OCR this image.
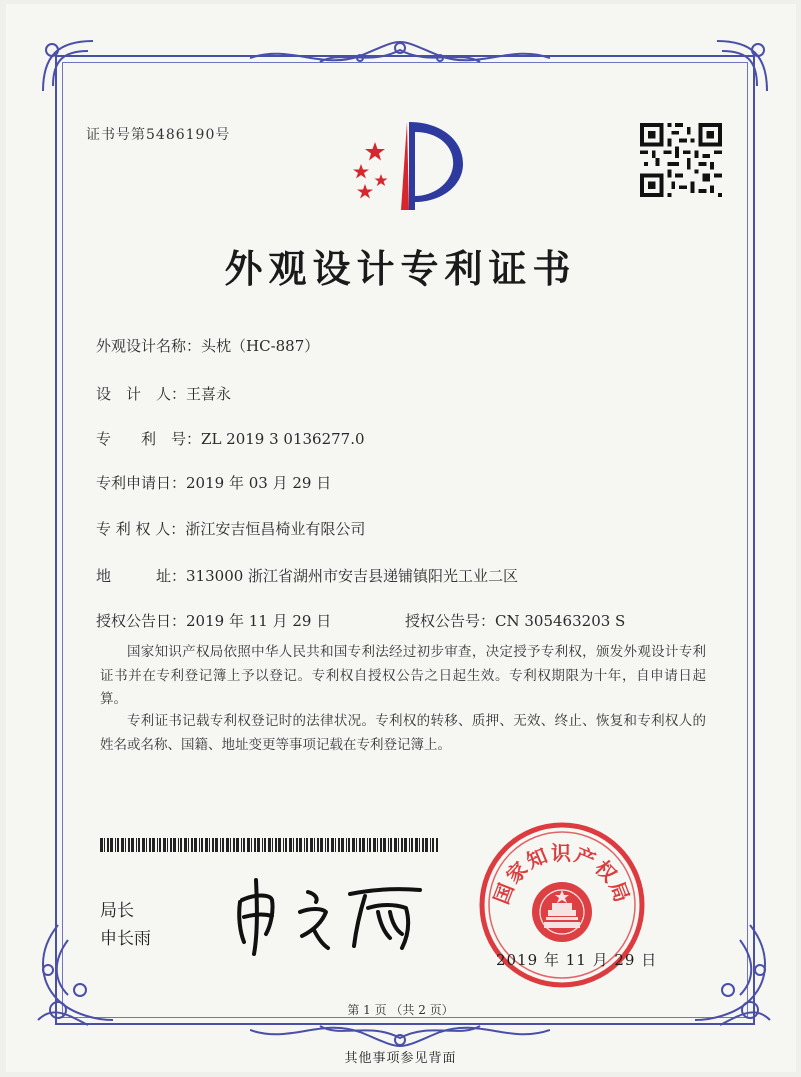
证书号第5486190号
外观设计专利证书
外观设计名称：头枕（HC-887）
设　计　人：王喜永
专　　利　号：ZL 2019 3 0136277.0
专利申请日：2019 年 03 月 29 日
专 利 权 人：浙江安吉恒昌椅业有限公司
地　　　址：313000 浙江省湖州市安吉县递铺镇阳光工业二区
授权公告日：2019 年 11 月 29 日	授权公告号：CN 305463203 S
国家知识产权局依照中华人民共和国专利法经过初步审查，决定授予专利权，颁发外观设计专利证书并在专利登记簿上予以登记。专利权自授权公告之日起生效。专利权期限为十年，自申请日起算。
专利证书记载专利权登记时的法律状况。专利权的转移、质押、无效、终止、恢复和专利权人的姓名或名称、国籍、地址变更等事项记载在专利登记簿上。
局长
申长雨
国家知识产权局
2019 年 11 月 29 日
第 1 页 （共 2 页）
其他事项参见背面
